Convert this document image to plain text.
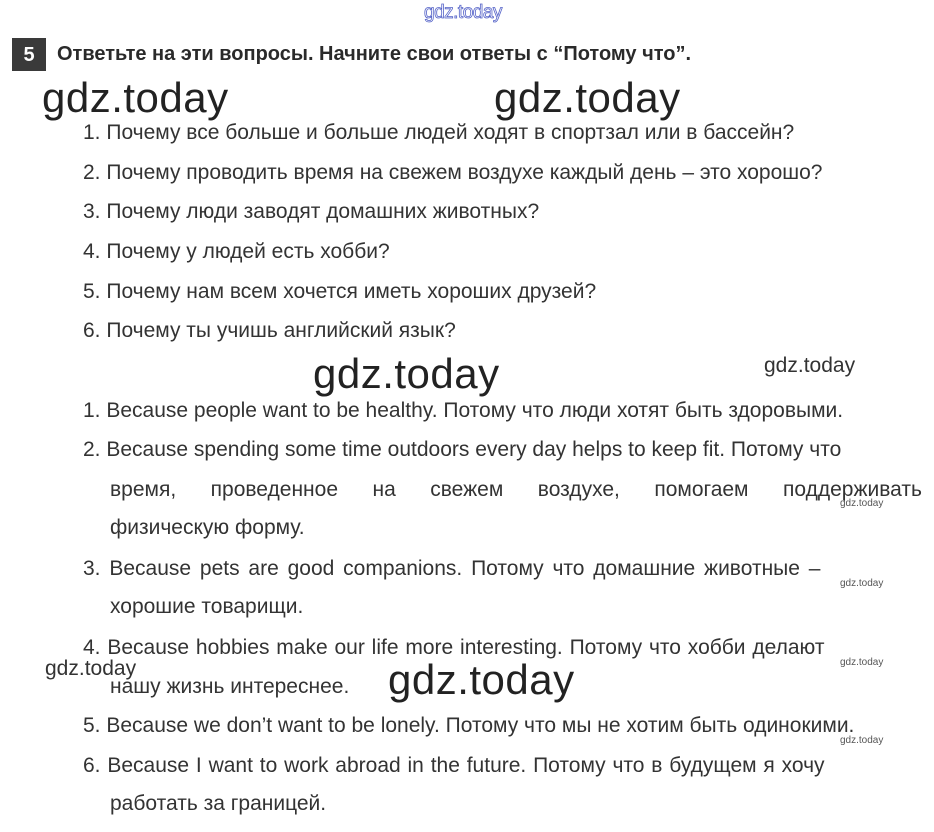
gdz.today
5	Ответьте на эти вопросы. Начните свои ответы с “Потому что”.
gdz.today	gdz.today
1. Почему все больше и больше людей ходят в спортзал или в бассейн?
2. Почему проводить время на свежем воздухе каждый день – это хорошо?
3. Почему люди заводят домашних животных?
4. Почему у людей есть хобби?
5. Почему нам всем хочется иметь хороших друзей?
6. Почему ты учишь английский язык?
gdz.today	gdz.today
1. Because people want to be healthy. Потому что люди хотят быть здоровыми.
2. Because spending some time outdoors every day helps to keep fit. Потому что
время, проведенное на свежем воздухе, помогаем поддерживать
gdz.today
физическую форму.
3. Because pets are good companions. Потому что домашние животные –
gdz.today
хорошие товарищи.
4. Because hobbies make our life more interesting. Потому что хобби делают
gdz.today
gdz.today
нашу жизнь интереснее. gdz.today
5. Because we don’t want to be lonely. Потому что мы не хотим быть одинокими.
gdz.today
6. Because I want to work abroad in the future. Потому что в будущем я хочу
работать за границей.
